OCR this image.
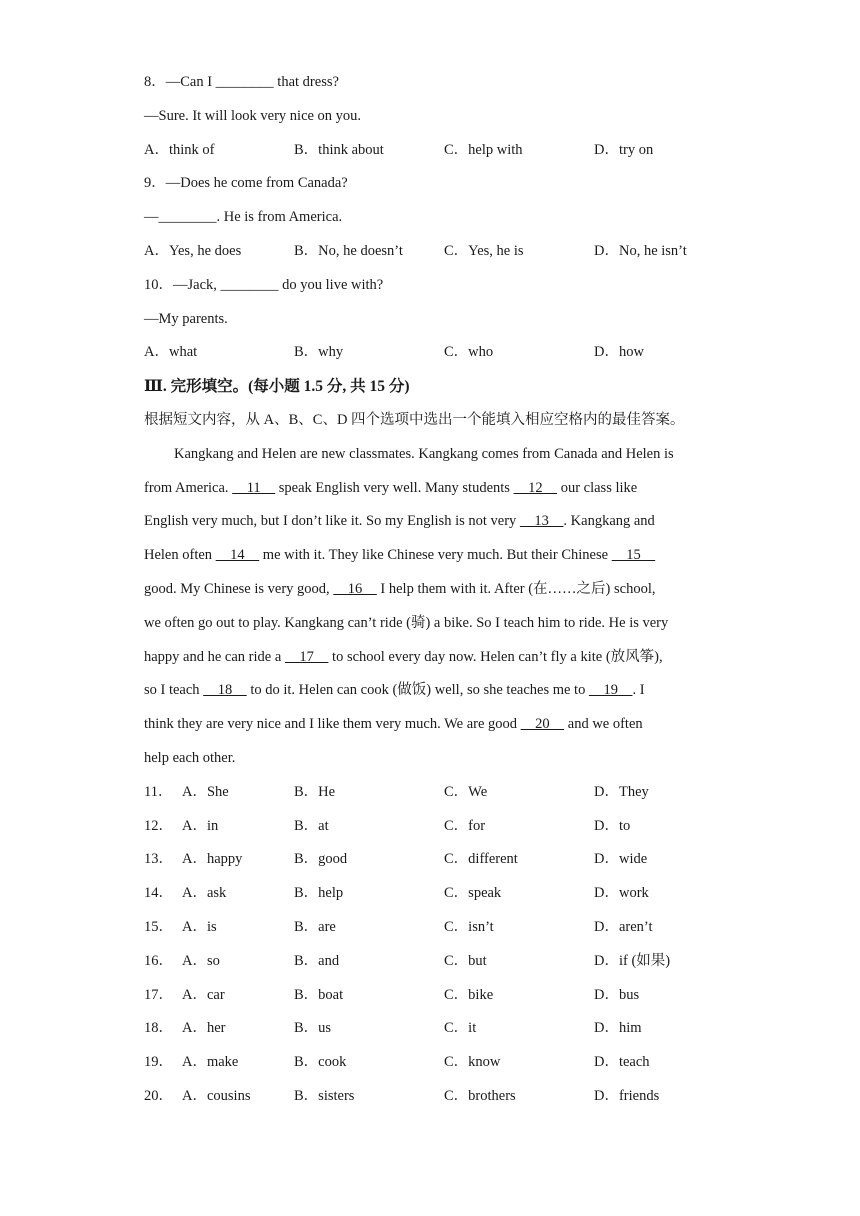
8．—Can I ________ that dress?
—Sure. It will look very nice on you.
A．think of	B．think about	C．help with	D．try on
9．—Does he come from Canada?
—________. He is from America.
A．Yes, he does	B．No, he doesn’t	C．Yes, he is	D．No, he isn’t
10．—Jack, ________ do you live with?
—My parents.
A．what	B．why	C．who	D．how
Ⅲ. 完形填空。(每小题 1.5 分, 共 15 分)
根据短文内容，从 A、B、C、D 四个选项中选出一个能填入相应空格内的最佳答案。
Kangkang and Helen are new classmates. Kangkang comes from Canada and Helen is
from America.     11     speak English very well. Many students     12     our class like
English very much, but I don’t like it. So my English is not very     13    . Kangkang and
Helen often     14     me with it. They like Chinese very much. But their Chinese     15
good. My Chinese is very good,     16     I help them with it. After (在……之后) school,
we often go out to play. Kangkang can’t ride (骑) a bike. So I teach him to ride. He is very
happy and he can ride a     17     to school every day now. Helen can’t fly a kite (放风筝),
so I teach     18     to do it. Helen can cook (做饭) well, so she teaches me to     19    . I
think they are very nice and I like them very much. We are good     20     and we often
help each other.
11． A．She	B．He	C．We	D．They
12． A．in	B．at	C．for	D．to
13． A．happy	B．good	C．different	D．wide
14． A．ask	B．help	C．speak	D．work
15． A．is	B．are	C．isn’t	D．aren’t
16． A．so	B．and	C．but	D．if (如果)
17． A．car	B．boat	C．bike	D．bus
18． A．her	B．us	C．it	D．him
19． A．make	B．cook	C．know	D．teach
20． A．cousins	B．sisters	C．brothers	D．friends
